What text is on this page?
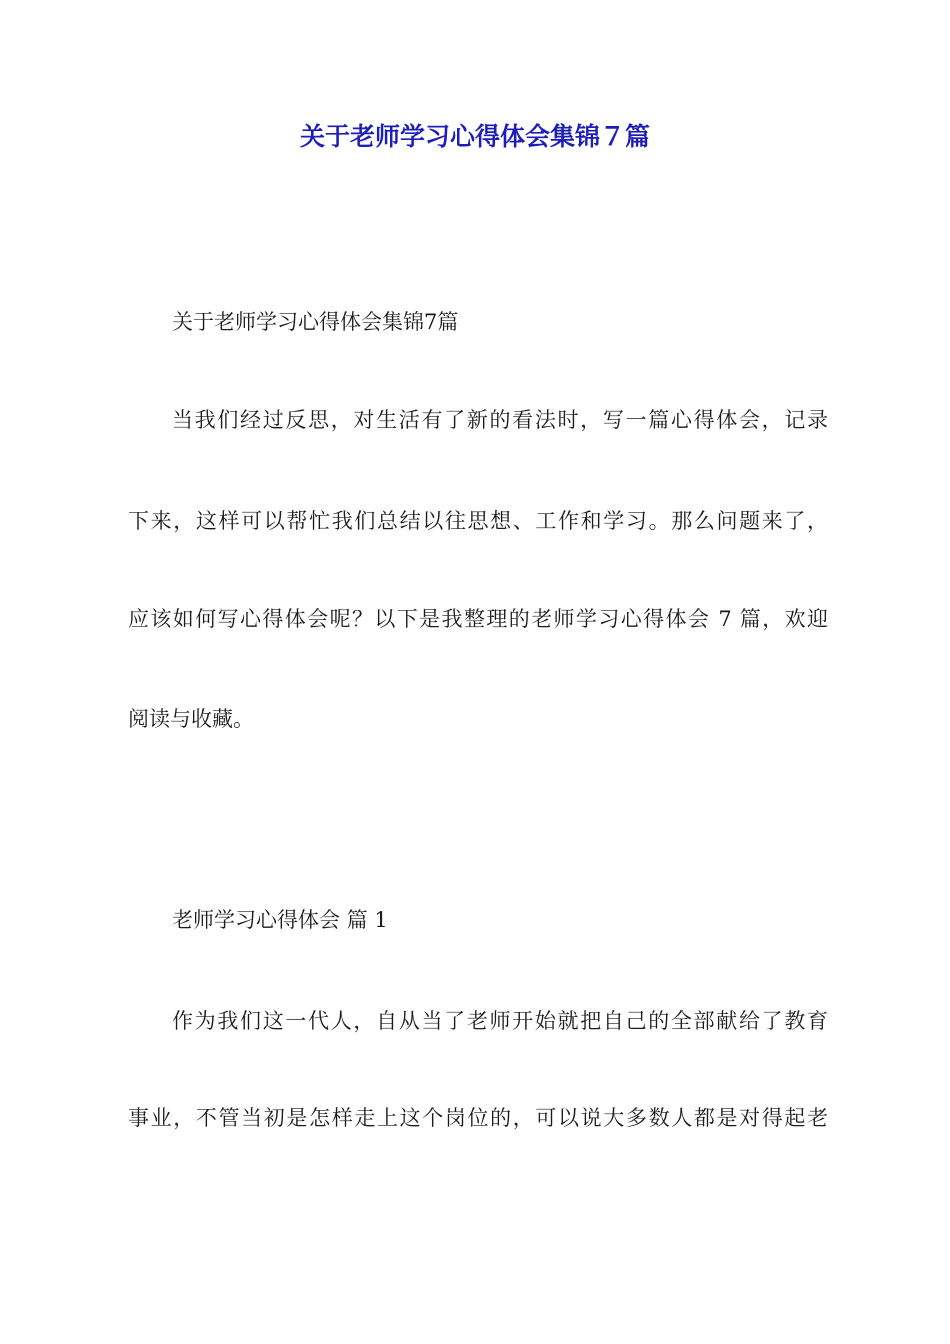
关于老师学习心得体会集锦７篇

关于老师学习心得体会集锦7篇

当我们经过反思，对生活有了新的看法时，写一篇心得体会，记录

下来，这样可以帮忙我们总结以往思想、工作和学习。那么问题来了，

应该如何写心得体会呢？以下是我整理的老师学习心得体会 7 篇，欢迎

阅读与收藏。

老师学习心得体会 篇 1

作为我们这一代人，自从当了老师开始就把自己的全部献给了教育

事业，不管当初是怎样走上这个岗位的，可以说大多数人都是对得起老
